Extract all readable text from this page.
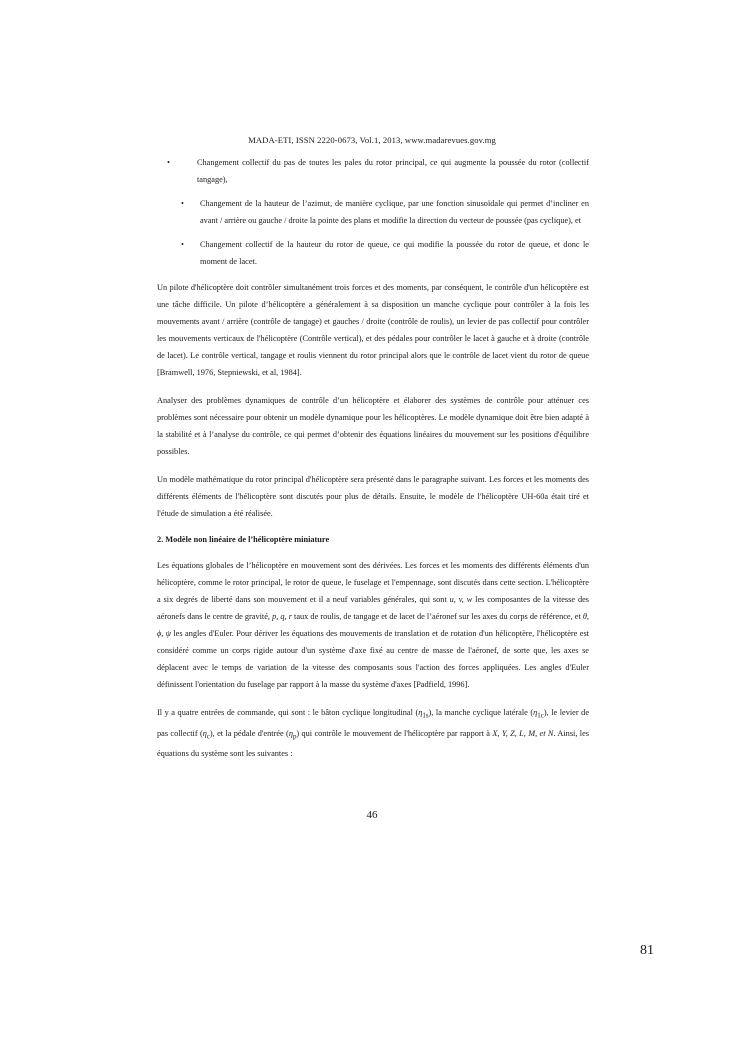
MADA-ETI, ISSN 2220-0673, Vol.1, 2013, www.madarevues.gov.mg
•	Changement collectif du pas de toutes les pales du rotor principal, ce qui augmente la poussée du rotor (collectif tangage),
• Changement de la hauteur de l’azimut, de manière cyclique, par une fonction sinusoïdale qui permet d’incliner en avant / arrière ou gauche / droite la pointe des plans et modifie la direction du vecteur de poussée (pas cyclique), et
• Changement collectif de la hauteur du rotor de queue, ce qui modifie la poussée du rotor de queue, et donc le moment de lacet.

Un pilote d'hélicoptère doit contrôler simultanément trois forces et des moments, par conséquent, le contrôle d'un hélicoptère est une tâche difficile. Un pilote d’hélicoptère a généralement à sa disposition un manche cyclique pour contrôler à la fois les mouvements avant / arrière (contrôle de tangage) et gauches / droite (contrôle de roulis), un levier de pas collectif pour contrôler les mouvements verticaux de l'hélicoptère (Contrôle vertical), et des pédales pour contrôler le lacet à gauche et à droite (contrôle de lacet). Le contrôle vertical, tangage et roulis viennent du rotor principal alors que le contrôle de lacet vient du rotor de queue [Bramwell, 1976, Stepniewski, et al, 1984].

Analyser des problèmes dynamiques de contrôle d’un hélicoptère et élaborer des systèmes de contrôle pour atténuer ces problèmes sont nécessaire pour obtenir un modèle dynamique pour les hélicoptères. Le modèle dynamique doit être bien adapté à la stabilité et à l’analyse du contrôle, ce qui permet d’obtenir des équations linéaires du mouvement sur les positions d'équilibre possibles.

Un modèle mathématique du rotor principal d'hélicoptère sera présenté dans le paragraphe suivant. Les forces et les moments des différents éléments de l'hélicoptère sont discutés pour plus de détails. Ensuite, le modèle de l'hélicoptère UH-60a était tiré et l'étude de simulation a été réalisée.

2. Modèle non linéaire de l’hélicoptère miniature

Les équations globales de l’hélicoptère en mouvement sont des dérivées. Les forces et les moments des différents éléments d'un hélicoptère, comme le rotor principal, le rotor de queue, le fuselage et l'empennage, sont discutés dans cette section. L'hélicoptère a six degrés de liberté dans son mouvement et il a neuf variables générales, qui sont u, v, w les composantes de la vitesse des aéronefs dans le centre de gravité, p, q, r taux de roulis, de tangage et de lacet de l’aéronef sur les axes du corps de référence, et θ, ϕ, ψ les angles d'Euler. Pour dériver les équations des mouvements de translation et de rotation d'un hélicoptère, l'hélicoptère est considéré comme un corps rigide autour d'un système d'axe fixé au centre de masse de l'aéronef, de sorte que, les axes se déplacent avec le temps de variation de la vitesse des composants sous l'action des forces appliquées. Les angles d'Euler définissent l'orientation du fuselage par rapport à la masse du système d'axes [Padfield, 1996].

Il y a quatre entrées de commande, qui sont : le bâton cyclique longitudinal $(\eta_{1s})$, la manche cyclique latérale $(\eta_{1c})$, le levier de pas collectif $(\eta_c)$, et la pédale d'entrée $(\eta_p)$ qui contrôle le mouvement de l'hélicoptère par rapport à X, Y, Z, L, M, et N. Ainsi, les équations du système sont les suivantes :

46
81
